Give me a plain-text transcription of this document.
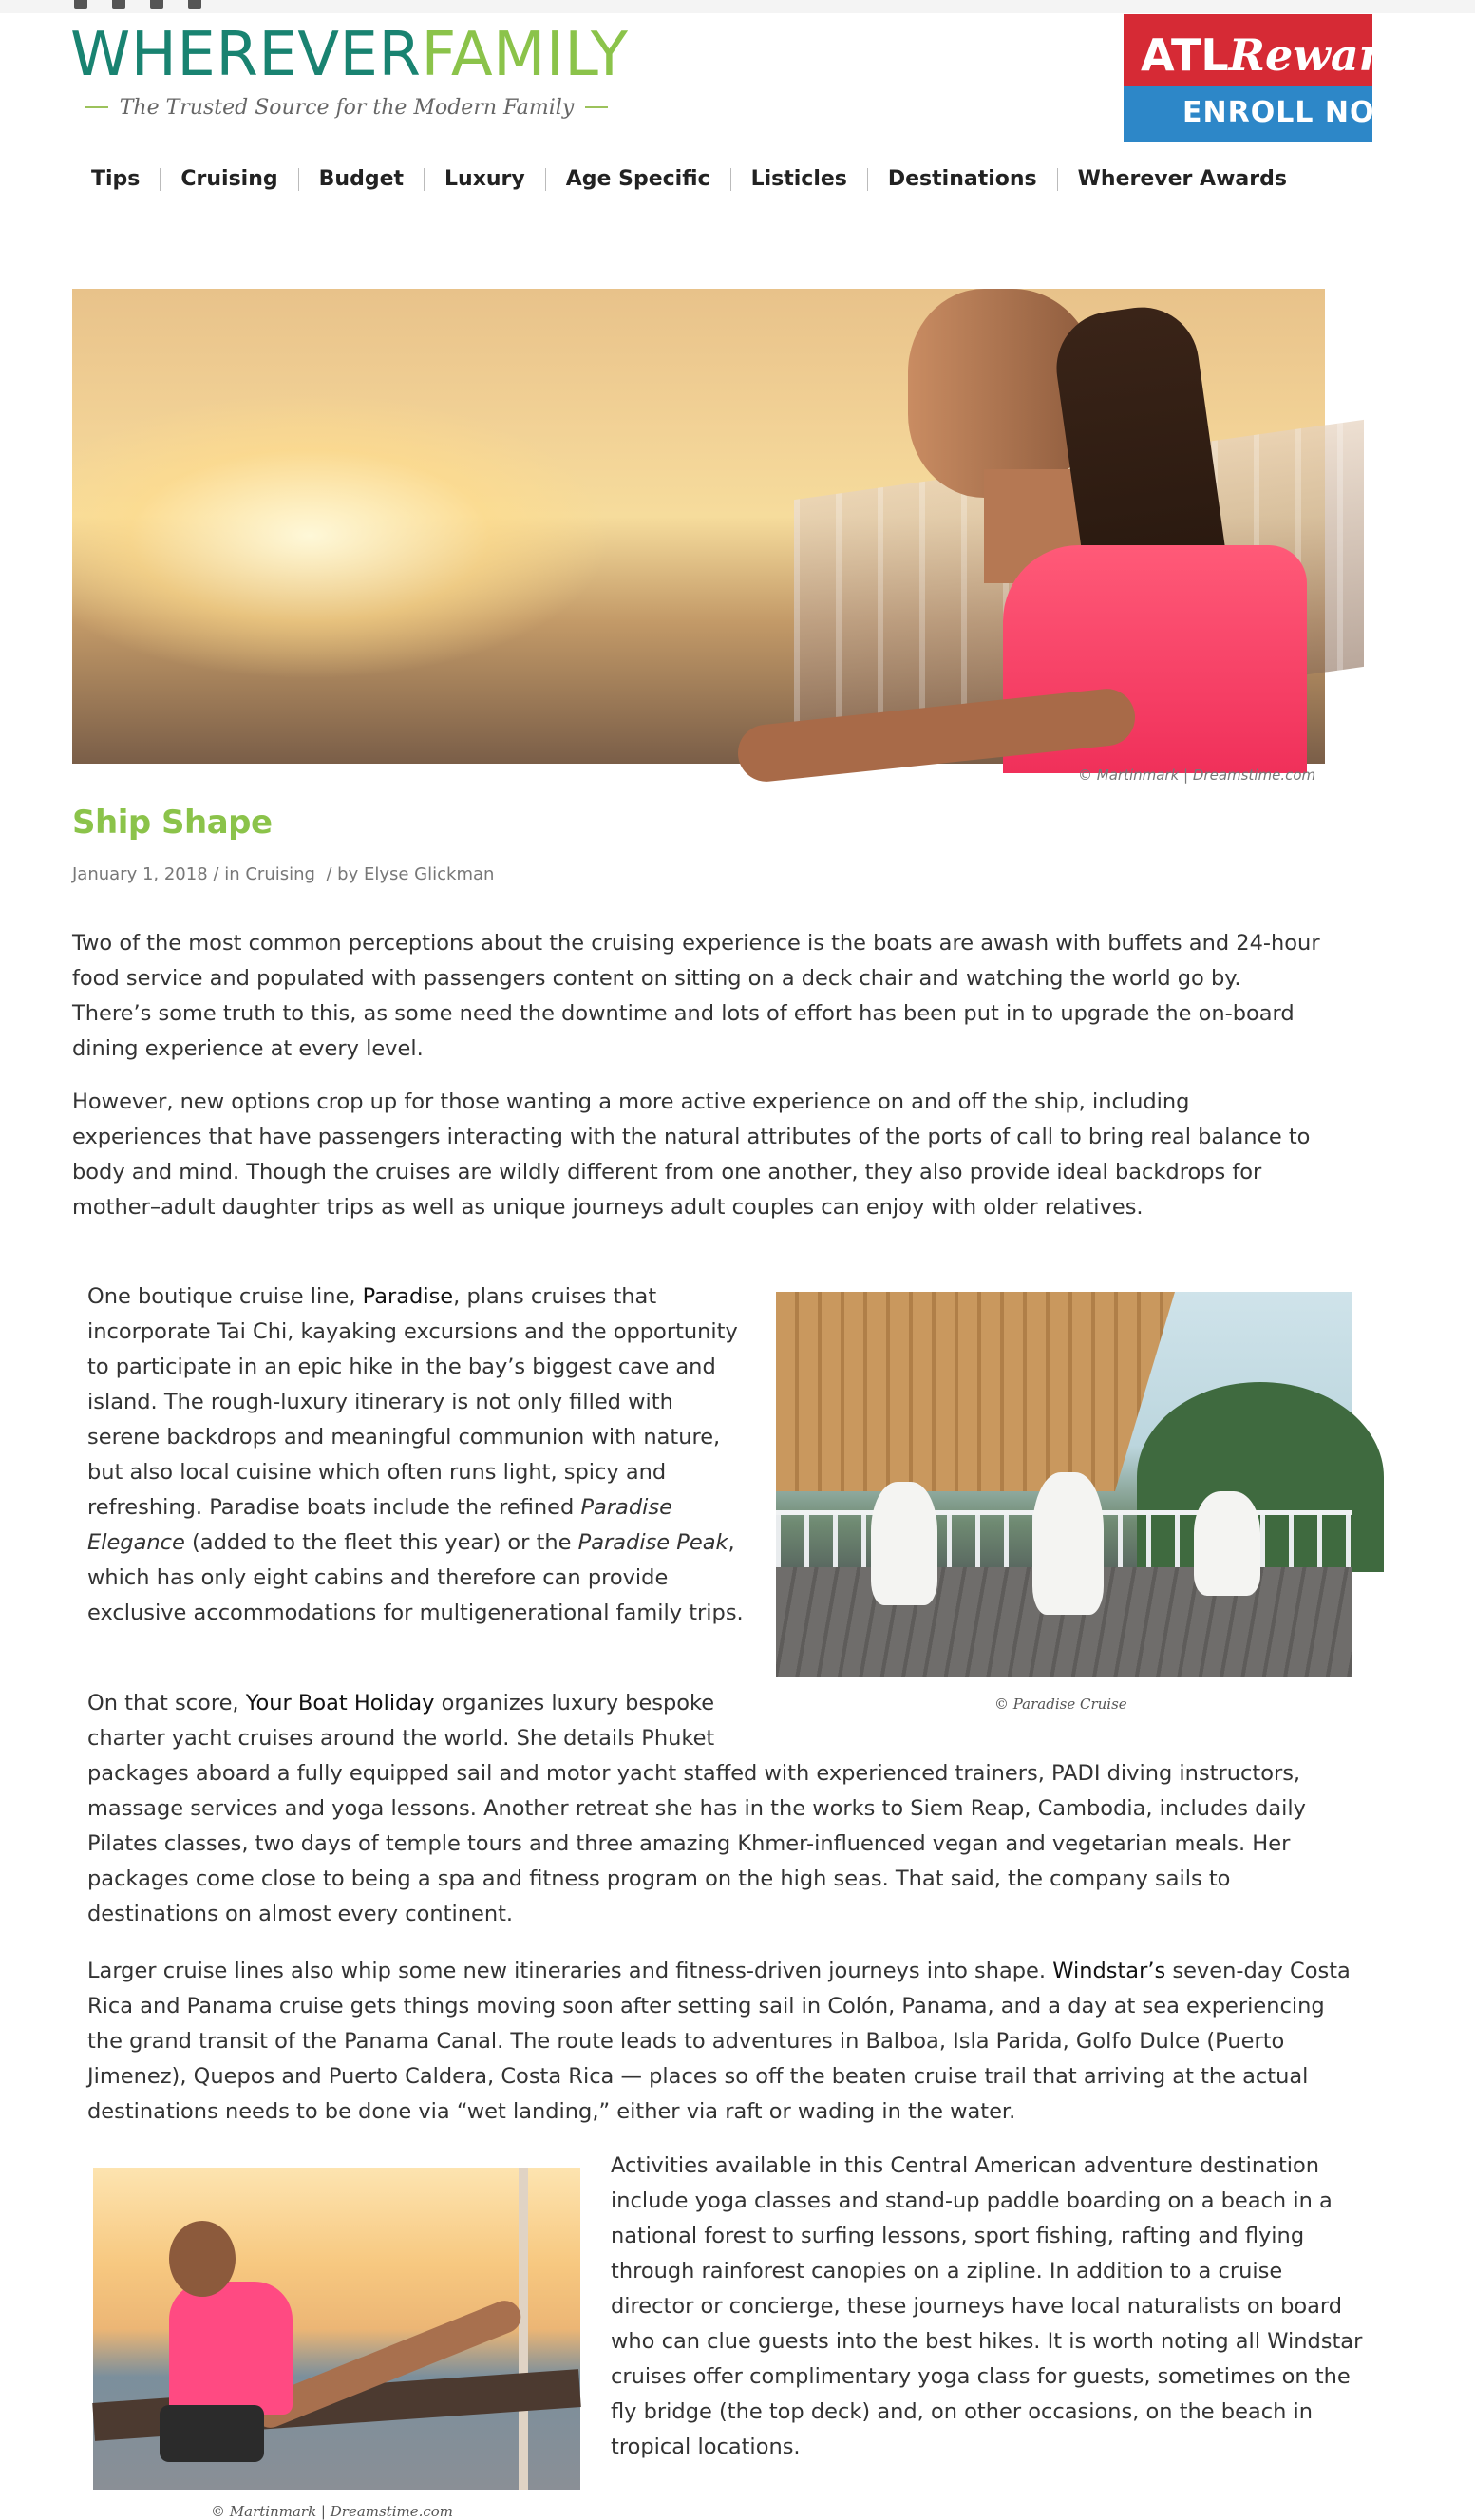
WHEREVERFAMILY
The Trusted Source for the Modern Family
ATLRewards
ENROLL NOW
Tips	Cruising	Budget	Luxury	Age Specific	Listicles	Destinations	Wherever Awards
© Martinmark | Dreamstime.com
Ship Shape
January 1, 2018 / in Cruising  / by Elyse Glickman

Two of the most common perceptions about the cruising experience is the boats are awash with buffets and 24-hour food service and populated with passengers content on sitting on a deck chair and watching the world go by. There’s some truth to this, as some need the downtime and lots of effort has been put in to upgrade the on-board dining experience at every level.

However, new options crop up for those wanting a more active experience on and off the ship, including experiences that have passengers interacting with the natural attributes of the ports of call to bring real balance to body and mind. Though the cruises are wildly different from one another, they also provide ideal backdrops for mother–adult daughter trips as well as unique journeys adult couples can enjoy with older relatives.

One boutique cruise line, Paradise, plans cruises that incorporate Tai Chi, kayaking excursions and the opportunity to participate in an epic hike in the bay’s biggest cave and island. The rough-luxury itinerary is not only filled with serene backdrops and meaningful communion with nature, but also local cuisine which often runs light, spicy and refreshing. Paradise boats include the refined Paradise Elegance (added to the fleet this year) or the Paradise Peak, which has only eight cabins and therefore can provide exclusive accommodations for multigenerational family trips.

© Paradise Cruise

On that score, Your Boat Holiday organizes luxury bespoke
charter yacht cruises around the world. She details Phuket

packages aboard a fully equipped sail and motor yacht staffed with experienced trainers, PADI diving instructors, massage services and yoga lessons. Another retreat she has in the works to Siem Reap, Cambodia, includes daily Pilates classes, two days of temple tours and three amazing Khmer-influenced vegan and vegetarian meals. Her packages come close to being a spa and fitness program on the high seas. That said, the company sails to destinations on almost every continent.

Larger cruise lines also whip some new itineraries and fitness-driven journeys into shape. Windstar’s seven-day Costa Rica and Panama cruise gets things moving soon after setting sail in Colón, Panama, and a day at sea experiencing the grand transit of the Panama Canal. The route leads to adventures in Balboa, Isla Parida, Golfo Dulce (Puerto Jimenez), Quepos and Puerto Caldera, Costa Rica — places so off the beaten cruise trail that arriving at the actual destinations needs to be done via “wet landing,” either via raft or wading in the water.

© Martinmark | Dreamstime.com

Activities available in this Central American adventure destination include yoga classes and stand-up paddle boarding on a beach in a national forest to surfing lessons, sport fishing, rafting and flying through rainforest canopies on a zipline. In addition to a cruise director or concierge, these journeys have local naturalists on board who can clue guests into the best hikes. It is worth noting all Windstar cruises offer complimentary yoga class for guests, sometimes on the fly bridge (the top deck) and, on other occasions, on the beach in tropical locations.
